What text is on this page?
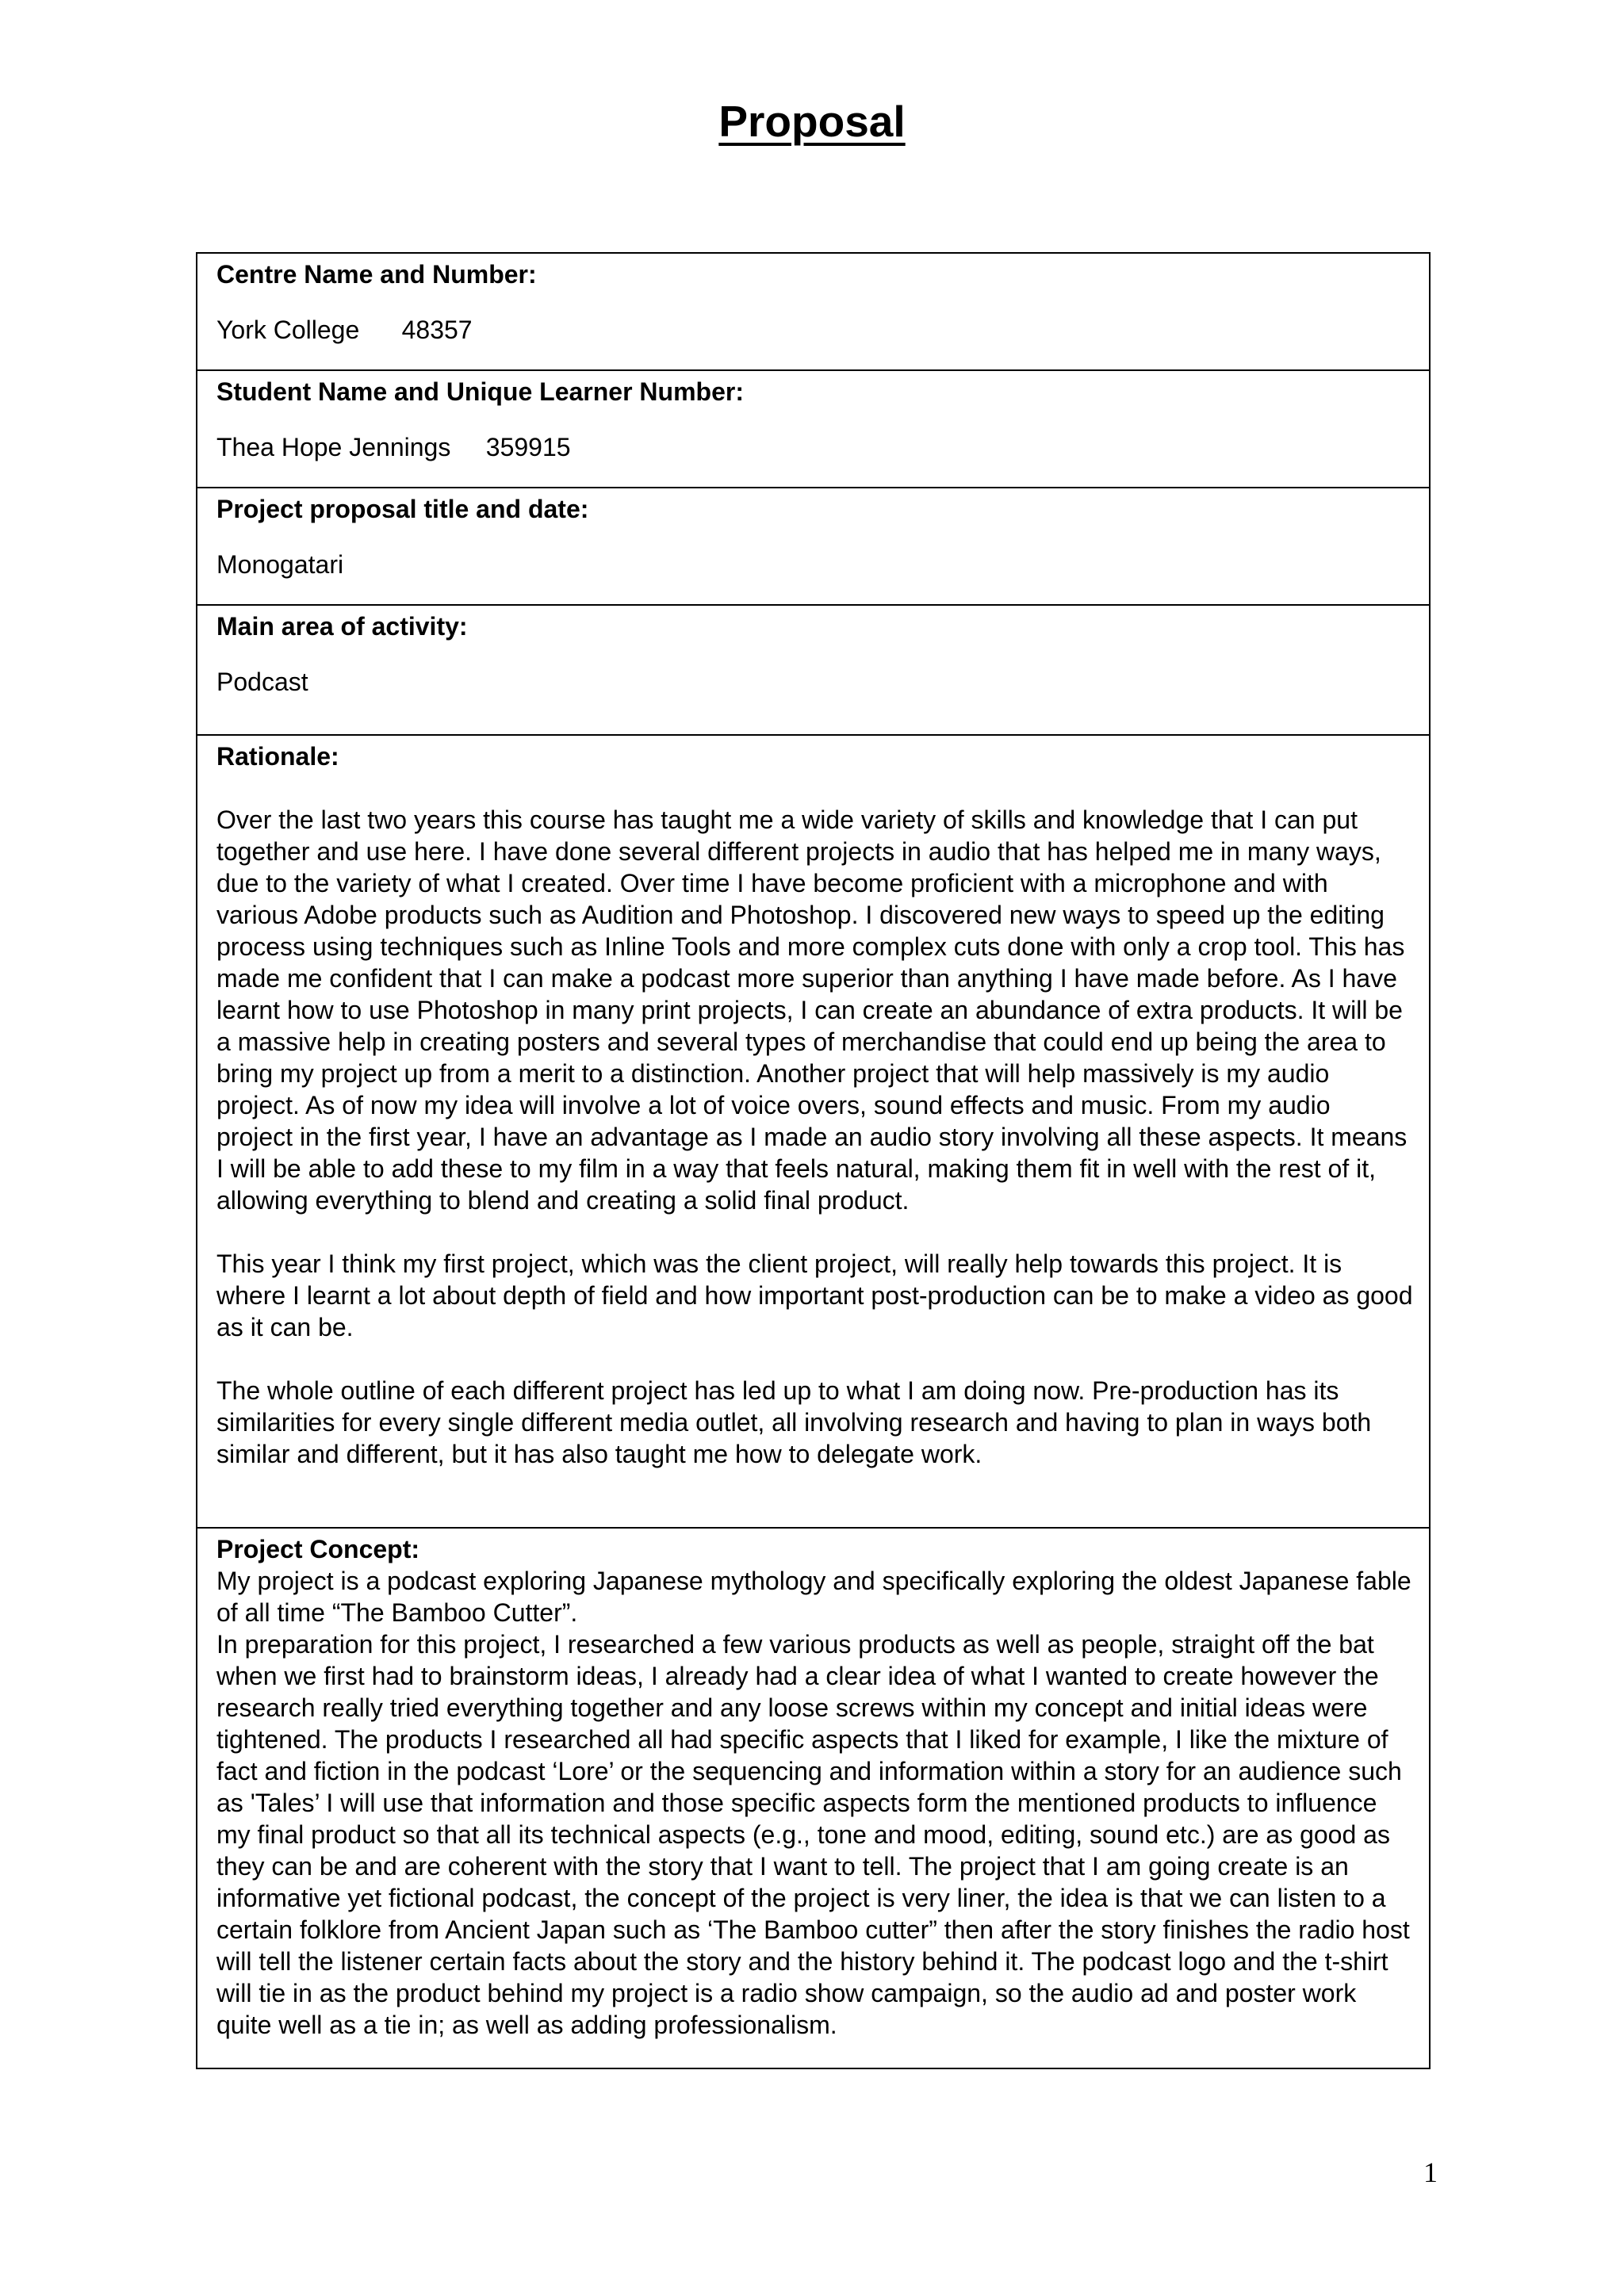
Proposal
Centre Name and Number:
York College      48357
Student Name and Unique Learner Number:
Thea Hope Jennings     359915
Project proposal title and date:
Monogatari
Main area of activity:
Podcast
Rationale:

Over the last two years this course has taught me a wide variety of skills and knowledge that I can put together and use here. I have done several different projects in audio that has helped me in many ways, due to the variety of what I created. Over time I have become proficient with a microphone and with various Adobe products such as Audition and Photoshop. I discovered new ways to speed up the editing process using techniques such as Inline Tools and more complex cuts done with only a crop tool. This has made me confident that I can make a podcast more superior than anything I have made before. As I have learnt how to use Photoshop in many print projects, I can create an abundance of extra products. It will be a massive help in creating posters and several types of merchandise that could end up being the area to bring my project up from a merit to a distinction. Another project that will help massively is my audio project. As of now my idea will involve a lot of voice overs, sound effects and music. From my audio project in the first year, I have an advantage as I made an audio story involving all these aspects. It means I will be able to add these to my film in a way that feels natural, making them fit in well with the rest of it, allowing everything to blend and creating a solid final product.

This year I think my first project, which was the client project, will really help towards this project. It is where I learnt a lot about depth of field and how important post-production can be to make a video as good as it can be.

The whole outline of each different project has led up to what I am doing now. Pre-production has its similarities for every single different media outlet, all involving research and having to plan in ways both similar and different, but it has also taught me how to delegate work.

Project Concept:

My project is a podcast exploring Japanese mythology and specifically exploring the oldest Japanese fable of all time “The Bamboo Cutter”.

In preparation for this project, I researched a few various products as well as people, straight off the bat when we first had to brainstorm ideas, I already had a clear idea of what I wanted to create however the research really tried everything together and any loose screws within my concept and initial ideas were tightened. The products I researched all had specific aspects that I liked for example, I like the mixture of fact and fiction in the podcast ‘Lore’ or the sequencing and information within a story for an audience such as 'Tales’ I will use that information and those specific aspects form the mentioned products to influence my final product so that all its technical aspects (e.g., tone and mood, editing, sound etc.) are as good as they can be and are coherent with the story that I want to tell. The project that I am going create is an informative yet fictional podcast, the concept of the project is very liner, the idea is that we can listen to a certain folklore from Ancient Japan such as ‘The Bamboo cutter” then after the story finishes the radio host will tell the listener certain facts about the story and the history behind it. The podcast logo and the t-shirt will tie in as the product behind my project is a radio show campaign, so the audio ad and poster work quite well as a tie in; as well as adding professionalism.

1
